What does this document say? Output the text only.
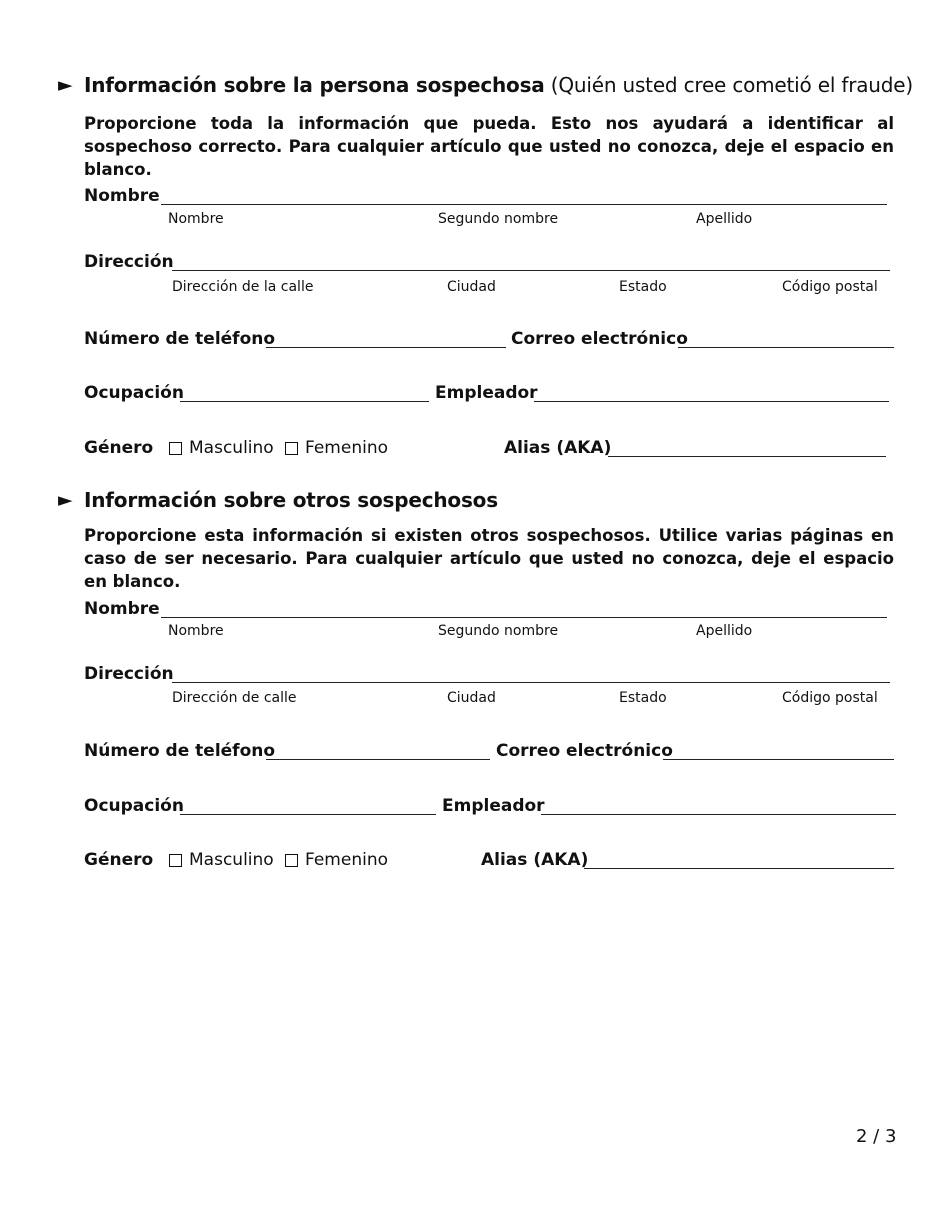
► Información sobre la persona sospechosa (Quién usted cree cometió el fraude)
Proporcione toda la información que pueda. Esto nos ayudará a identificar al sospechoso correcto. Para cualquier artículo que usted no conozca, deje el espacio en blanco.
Nombre
Nombre	Segundo nombre	Apellido
Dirección
Dirección de la calle	Ciudad	Estado	Código postal
Número de teléfono	Correo electrónico
Ocupación	Empleador
Género Masculino Femenino	Alias (AKA)
► Información sobre otros sospechosos
Proporcione esta información si existen otros sospechosos. Utilice varias páginas en caso de ser necesario. Para cualquier artículo que usted no conozca, deje el espacio en blanco.
Nombre
Nombre	Segundo nombre	Apellido
Dirección
Dirección de calle	Ciudad	Estado	Código postal
Número de teléfono	Correo electrónico
Ocupación	Empleador
Género Masculino Femenino	Alias (AKA)
2 / 3
